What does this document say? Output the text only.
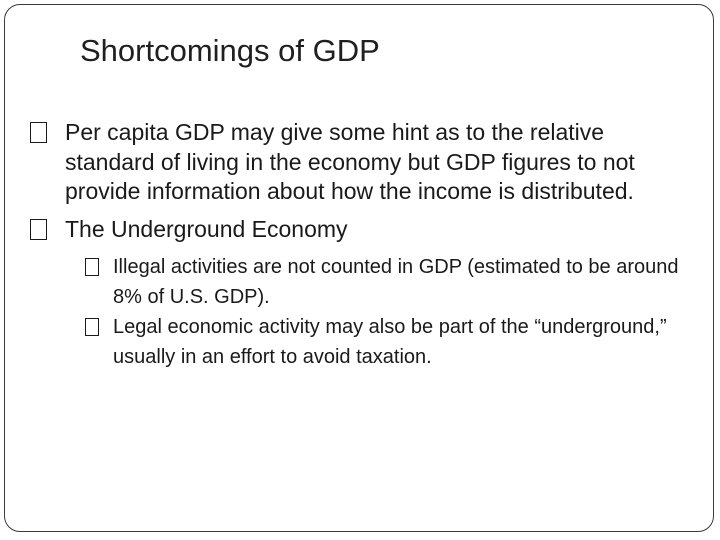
Shortcomings of GDP
Per capita GDP may give some hint as to the relative standard of living in the economy but GDP figures to not provide information about how the income is distributed.
The Underground Economy
Illegal activities are not counted in GDP (estimated to be around 8% of U.S. GDP).
Legal economic activity may also be part of the “underground,” usually in an effort to avoid taxation.
